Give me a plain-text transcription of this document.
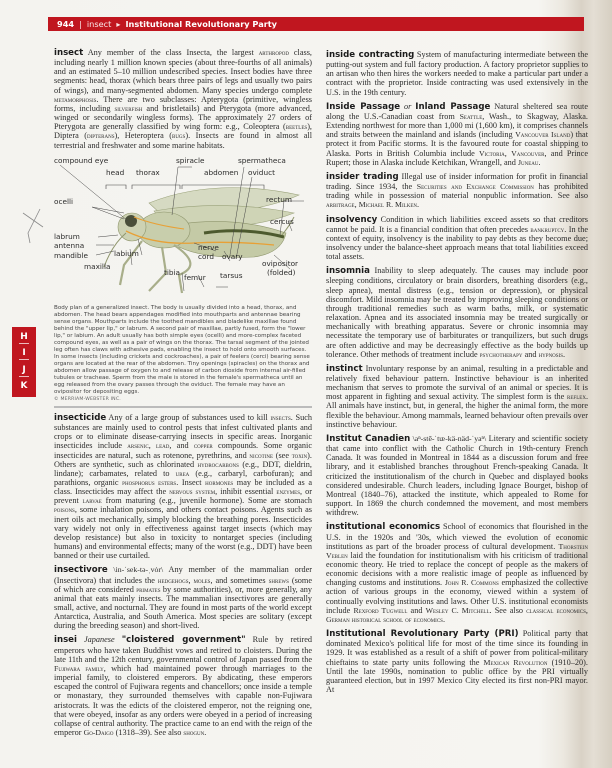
944 | insect ▸ Institutional Revolutionary Party
H
I
J
K

insect Any member of the class Insecta, the largest arthropod class, including nearly 1 million known species (about three-fourths of all animals) and an estimated 5–10 million undescribed species. Insect bodies have three segments: head, thorax (which bears three pairs of legs and usually two pairs of wings), and many-segmented abdomen. Many species undergo complete metamorphosis. There are two subclasses: Apterygota (primitive, wingless forms, including silverfish and bristletails) and Pterygota (more advanced, winged or secondarily wingless forms). The approximately 27 orders of Pterygota are generally classified by wing form: e.g., Coleoptera (beetles), Diptera (dipterans), Heteroptera (bugs). Insects are found in almost all terrestrial and freshwater and some marine habitats.

compound eye
head thorax
spiracle
abdomen
spermatheca
oviduct
ocelli	rectum
cercus
labrum
antenna
mandible	labium
nerve
cord ovary
maxilla	ovipositor
(folded)
tibia
femur tarsus
Body plan of a generalized insect. The body is usually divided into a head, thorax, and abdomen. The head bears appendages modified into mouthparts and antennae bearing sense organs. Mouthparts include the toothed mandibles and bladelike maxillae found behind the "upper lip," or labrum. A second pair of maxillae, partly fused, form the "lower lip," or labium. An adult usually has both simple eyes (ocelli) and more-complex faceted compound eyes, as well as a pair of wings on the thorax. The tarsal segment of the jointed leg often has claws with adhesive pads, enabling the insect to hold onto smooth surfaces. In some insects (including crickets and cockroaches), a pair of feelers (cerci) bearing sense organs are located at the rear of the abdomen. Tiny openings (spiracles) on the thorax and abdomen allow passage of oxygen to and release of carbon dioxide from internal air-filled tubules or tracheae. Sperm from the male is stored in the female's spermatheca until an egg released from the ovary passes through the oviduct. The female may have an ovipositor for depositing eggs.
© MERRIAM-WEBSTER INC.

insecticide Any of a large group of substances used to kill insects. Such substances are mainly used to control pests that infest cultivated plants and crops or to eliminate disease-carrying insects in specific areas. Inorganic insecticides include arsenic, lead, and copper compounds. Some organic insecticides are natural, such as rotenone, pyrethrins, and nicotine (see toxin). Others are synthetic, such as chlorinated hydrocarbons (e.g., DDT, dieldrin, lindane); carbamates, related to urea (e.g., carbaryl, carbofuran); and parathions, organic phosphorus esters. Insect hormones may be included as a class. Insecticides may affect the nervous system, inhibit essential enzymes, or prevent larvae from maturing (e.g., juvenile hormone). Some are stomach poisons, some inhalation poisons, and others contact poisons. Agents such as inert oils act mechanically, simply blocking the breathing pores. Insecticides vary widely not only in effectiveness against target insects (which may develop resistance) but also in toxicity to nontarget species (including humans) and environmental effects; many of the worst (e.g., DDT) have been banned or their use curtailed.

insectivore \in-ˈsek-tə-ˌvȯr\ Any member of the mammalian order (Insectivora) that includes the hedgehogs, moles, and sometimes shrews (some of which are considered primates by some authorities), or, more generally, any animal that eats mainly insects. The mammalian insectivores are generally small, active, and nocturnal. They are found in most parts of the world except Antarctica, Australia, and South America. Most species are solitary (except during the breeding season) and short-lived.

insei Japanese "cloistered government" Rule by retired emperors who have taken Buddhist vows and retired to cloisters. During the late 11th and the 12th century, governmental control of Japan passed from the Fujiwara family, which had maintained power through marriages to the imperial family, to cloistered emperors. By abdicating, these emperors escaped the control of Fujiwara regents and chancellors; once inside a temple or monastary, they surrounded themselves with capable non-Fujiwara aristocrats. It was the edicts of the cloistered emperor, not the reigning one, that were obeyed, insofar as any orders were obeyed in a period of increasing collapse of central authority. The practice came to an end with the reign of the emperor Go-Daigo (1318–39). See also shogun.

inside contracting System of manufacturing intermediate between the putting-out system and full factory production. A factory proprietor supplies to an artisan who then hires the workers needed to make a particular part under a contract with the proprietor. Inside contracting was used extensively in the U.S. in the 19th century.

Inside Passage or Inland Passage Natural sheltered sea route along the U.S.-Canadian coast from Seattle, Wash., to Skagway, Alaska. Extending northwest for more than 1,000 mi (1,600 km), it comprises channels and straits between the mainland and islands (including Vancouver Island) that protect it from Pacific storms. It is the favoured route for coastal shipping to Alaska. Ports in British Columbia include Victoria, Vancouver, and Prince Rupert; those in Alaska include Ketchikan, Wrangell, and Juneau.

insider trading Illegal use of insider information for profit in financial trading. Since 1934, the Securities and Exchange Commission has prohibited trading while in possession of material nonpublic information. See also arbitrage, Michael R. Milken.

insolvency Condition in which liabilities exceed assets so that creditors cannot be paid. It is a financial condition that often precedes bankruptcy. In the context of equity, insolvency is the inability to pay debts as they become due; insolvency under the balance-sheet approach means that total liabilities exceed total assets.

insomnia Inability to sleep adequately. The causes may include poor sleeping conditions, circulatory or brain disorders, breathing disorders (e.g., sleep apnea), mental distress (e.g., tension or depression), or physical discomfort. Mild insomnia may be treated by improving sleeping conditions or through traditional remedies such as warm baths, milk, or systematic relaxation. Apnea and its associated insomnia may be treated surgically or mechanically with breathing apparatus. Severe or chronic insomnia may necessitate the temporary use of barbiturates or tranquilizers, but such drugs are often addictive and may be decreasingly effective as the body builds up tolerance. Other methods of treatment include psychotherapy and hypnosis.

instinct Involuntary response by an animal, resulting in a predictable and relatively fixed behaviour pattern. Instinctive behaviour is an inherited mechanism that serves to promote the survival of an animal or species. It is most apparent in fighting and sexual activity. The simplest form is the reflex. All animals have instinct, but, in general, the higher the animal form, the more flexible the behaviour. Among mammals, learned behaviour often prevails over instinctive behaviour.

Institut Canadien \aⁿ-stē-ˈtᵫ-kä-näd-ˈyaⁿ\ Literary and scientific society that came into conflict with the Catholic Church in 19th-century French Canada. It was founded in Montreal in 1844 as a discussion forum and free library, and it established branches throughout French-speaking Canada. It criticized the institutionalism of the church in Quebec and displayed books considered undesirable. Church leaders, including Ignace Bourget, bishop of Montreal (1840–76), attacked the institute, which appealed to Rome for support. In 1869 the church condemned the movement, and most members withdrew.

institutional economics School of economics that flourished in the U.S. in the 1920s and '30s, which viewed the evolution of economic institutions as part of the broader process of cultural development. Thorstein Veblen laid the foundation for institutionalism with his criticism of traditional economic theory. He tried to replace the concept of people as the makers of economic decisions with a more realistic image of people as influenced by changing customs and institutions. John R. Commons emphasized the collective action of various groups in the economy, viewed within a system of continually evolving institutions and laws. Other U.S. institutional economists include Rexford Tugwell and Wesley C. Mitchell. See also classical economics, German historical school of economics.

Institutional Revolutionary Party (PRI) Political party that dominated Mexico's political life for most of the time since its founding in 1929. It was established as a result of a shift of power from political-military chieftains to state party units following the Mexican Revolution (1910–20). Until the late 1990s, nomination to public office by the PRI virtually guaranteed election, but in 1997 Mexico City elected its first non-PRI mayor. At
